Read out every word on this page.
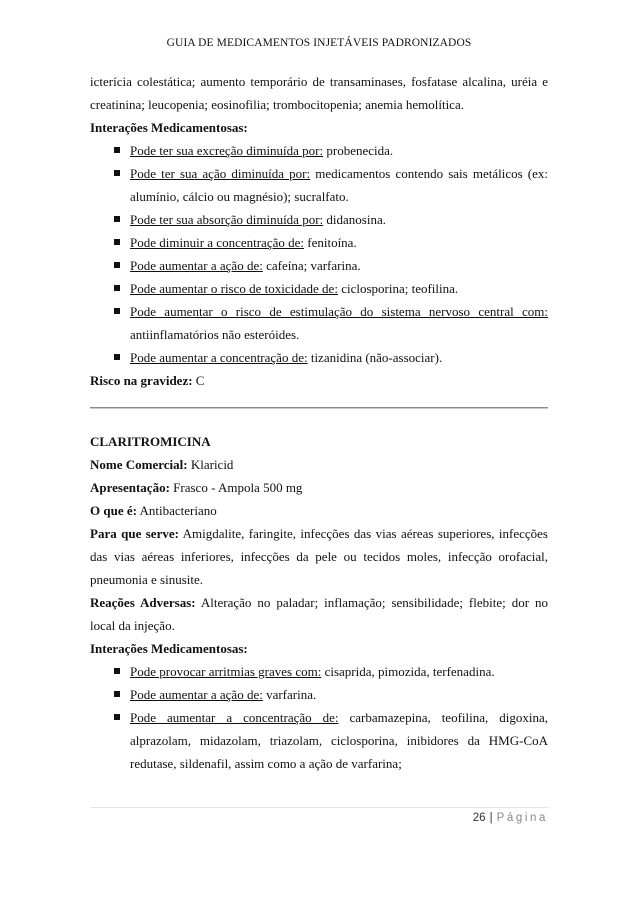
GUIA DE MEDICAMENTOS INJETÁVEIS PADRONIZADOS
icterícia colestática; aumento temporário de transaminases, fosfatase alcalina, uréia e
creatinina; leucopenia; eosinofilia; trombocitopenia; anemia hemolítica.
Interações Medicamentosas:
Pode ter sua excreção diminuída por: probenecida.
Pode ter sua ação diminuída por: medicamentos contendo sais metálicos (ex:
alumínio, cálcio ou magnésio); sucralfato.
Pode ter sua absorção diminuída por: didanosina.
Pode diminuir a concentração de: fenitoína.
Pode aumentar a ação de: cafeína; varfarina.
Pode aumentar o risco de toxicidade de: ciclosporina; teofilina.
Pode aumentar o risco de estimulação do sistema nervoso central com:
antiinflamatórios não esteróides.
Pode aumentar a concentração de: tizanidina (não-associar).
Risco na gravidez: C
CLARITROMICINA
Nome Comercial: Klaricid
Apresentação: Frasco - Ampola 500 mg
O que é: Antibacteriano
Para que serve: Amigdalite, faringite, infecções das vias aéreas superiores, infecções
das vias aéreas inferiores, infecções da pele ou tecidos moles, infecção orofacial,
pneumonia e sinusite.
Reações Adversas: Alteração no paladar; inflamação; sensibilidade; flebite; dor no
local da injeção.
Interações Medicamentosas:
Pode provocar arritmias graves com: cisaprida, pimozida, terfenadina.
Pode aumentar a ação de: varfarina.
Pode aumentar a concentração de: carbamazepina, teofilina, digoxina,
alprazolam, midazolam, triazolam, ciclosporina, inibidores da HMG-CoA
redutase, sildenafil, assim como a ação de varfarina;
26 | Página
